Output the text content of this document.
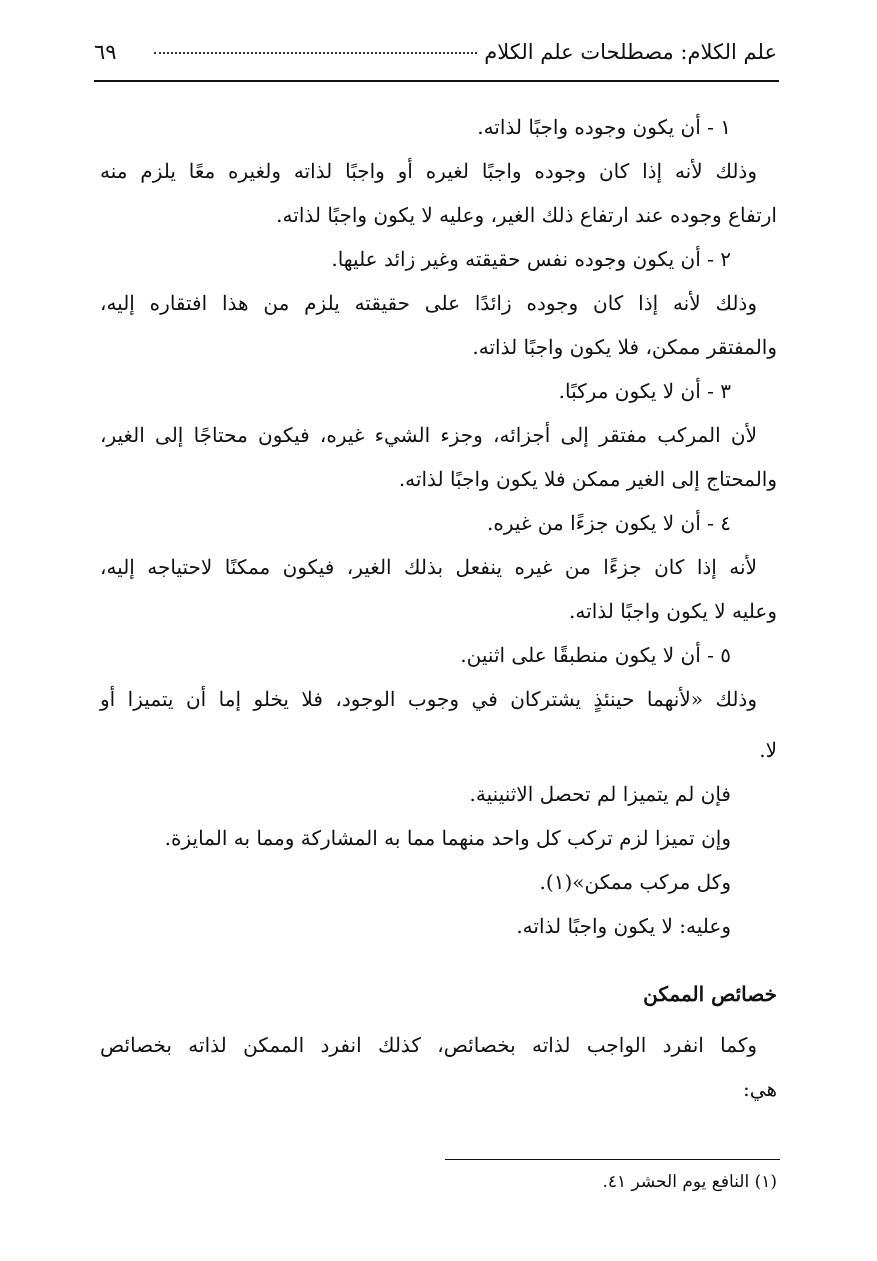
علم الكلام: مصطلحات علم الكلام
٦٩
١ - أن يكون وجوده واجبًا لذاته.
وذلك لأنه إذا كان وجوده واجبًا لغيره أو واجبًا لذاته ولغيره معًا يلزم منه
ارتفاع وجوده عند ارتفاع ذلك الغير، وعليه لا يكون واجبًا لذاته.
٢ - أن يكون وجوده نفس حقيقته وغير زائد عليها.
وذلك لأنه إذا كان وجوده زائدًا على حقيقته يلزم من هذا افتقاره إليه،
والمفتقر ممكن، فلا يكون واجبًا لذاته.
٣ - أن لا يكون مركبًا.
لأن المركب مفتقر إلى أجزائه، وجزء الشيء غيره، فيكون محتاجًا إلى الغير،
والمحتاج إلى الغير ممكن فلا يكون واجبًا لذاته.
٤ - أن لا يكون جزءًا من غيره.
لأنه إذا كان جزءًا من غيره ينفعل بذلك الغير، فيكون ممكنًا لاحتياجه إليه،
وعليه لا يكون واجبًا لذاته.
٥ - أن لا يكون منطبقًا على اثنين.
وذلك «لأنهما حينئذٍ يشتركان في وجوب الوجود، فلا يخلو إما أن يتميزا أو
لا.
فإن لم يتميزا لم تحصل الاثنينية.
وإن تميزا لزم تركب كل واحد منهما مما به المشاركة ومما به المايزة.
وكل مركب ممكن»(١).
وعليه: لا يكون واجبًا لذاته.
خصائص الممكن
وكما انفرد الواجب لذاته بخصائص، كذلك انفرد الممكن لذاته بخصائص
هي:
(١) النافع يوم الحشر ٤١.
